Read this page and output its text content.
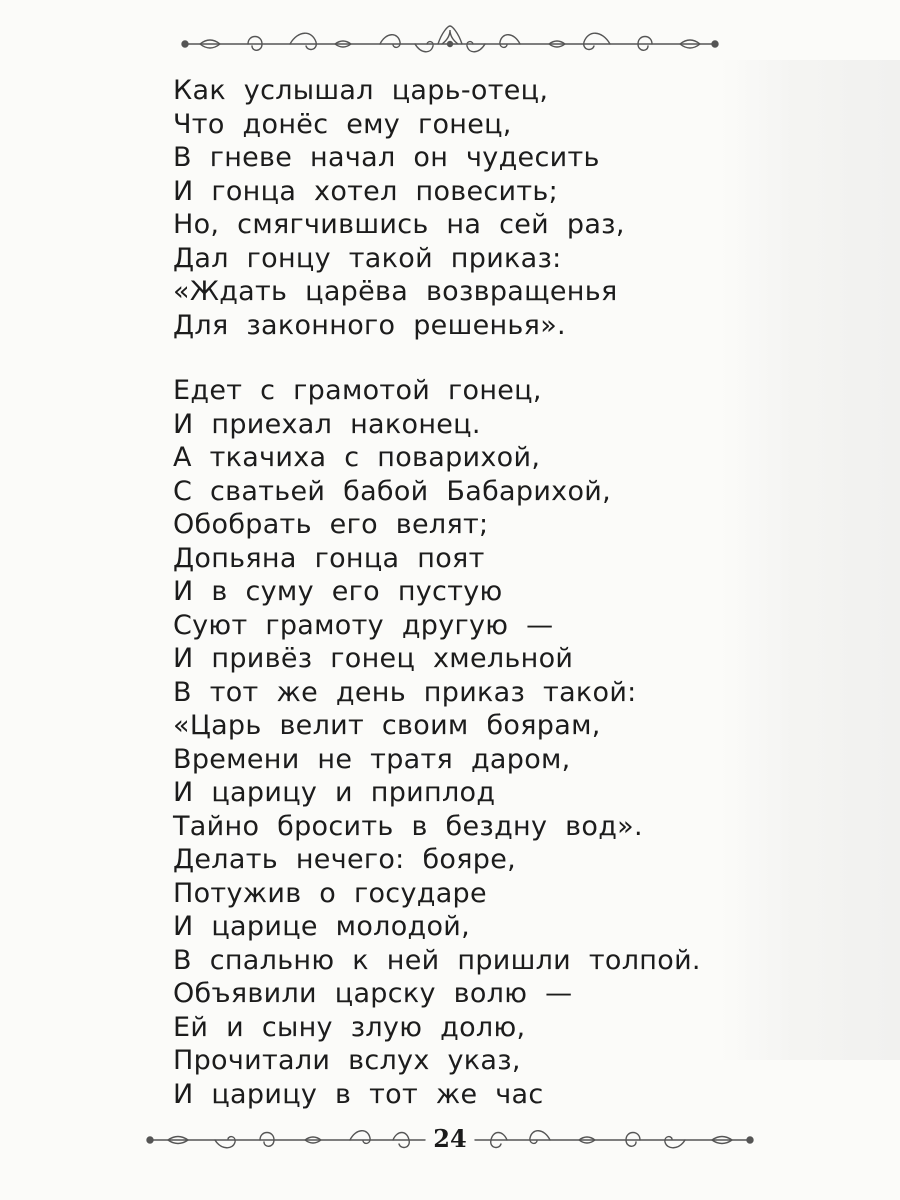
Как услышал царь-отец,
Что донёс ему гонец,
В гневе начал он чудесить
И гонца хотел повесить;
Но, смягчившись на сей раз,
Дал гонцу такой приказ:
«Ждать царёва возвращенья
Для законного решенья».
Едет с грамотой гонец,
И приехал наконец.
А ткачиха с поварихой,
С сватьей бабой Бабарихой,
Обобрать его велят;
Допьяна гонца поят
И в суму его пустую
Суют грамоту другую —
И привёз гонец хмельной
В тот же день приказ такой:
«Царь велит своим боярам,
Времени не тратя даром,
И царицу и приплод
Тайно бросить в бездну вод».
Делать нечего: бояре,
Потужив о государе
И царице молодой,
В спальню к ней пришли толпой.
Объявили царску волю —
Ей и сыну злую долю,
Прочитали вслух указ,
И царицу в тот же час
24
